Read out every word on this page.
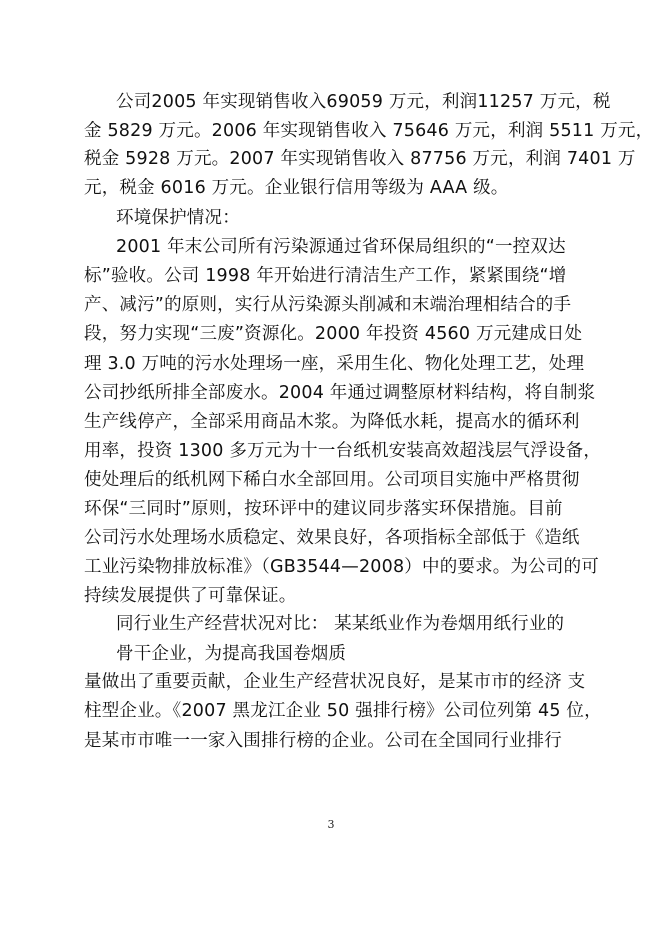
公司2005 年实现销售收入69059 万元，利润11257 万元，税
金 5829 万元。2006 年实现销售收入 75646 万元，利润 5511 万元，
税金 5928 万元。2007 年实现销售收入 87756 万元，利润 7401 万
元，税金 6016 万元。企业银行信用等级为 AAA 级。
环境保护情况：
2001 年末公司所有污染源通过省环保局组织的“一控双达
标”验收。公司 1998 年开始进行清洁生产工作，紧紧围绕“增
产、减污”的原则，实行从污染源头削减和末端治理相结合的手
段，努力实现“三废”资源化。2000 年投资 4560 万元建成日处
理 3.0 万吨的污水处理场一座，采用生化、物化处理工艺，处理
公司抄纸所排全部废水。2004 年通过调整原材料结构，将自制浆
生产线停产，全部采用商品木浆。为降低水耗，提高水的循环利
用率，投资 1300 多万元为十一台纸机安装高效超浅层气浮设备，
使处理后的纸机网下稀白水全部回用。公司项目实施中严格贯彻
环保“三同时”原则，按环评中的建议同步落实环保措施。目前
公司污水处理场水质稳定、效果良好，各项指标全部低于《造纸
工业污染物排放标准》（GB3544—2008）中的要求。为公司的可
持续发展提供了可靠保证。
同行业生产经营状况对比： 某某纸业作为卷烟用纸行业的
骨干企业，为提高我国卷烟质
量做出了重要贡献，企业生产经营状况良好，是某市市的经济 支
柱型企业。《2007 黑龙江企业 50 强排行榜》公司位列第 45 位，
是某市市唯一一家入围排行榜的企业。公司在全国同行业排行
3
